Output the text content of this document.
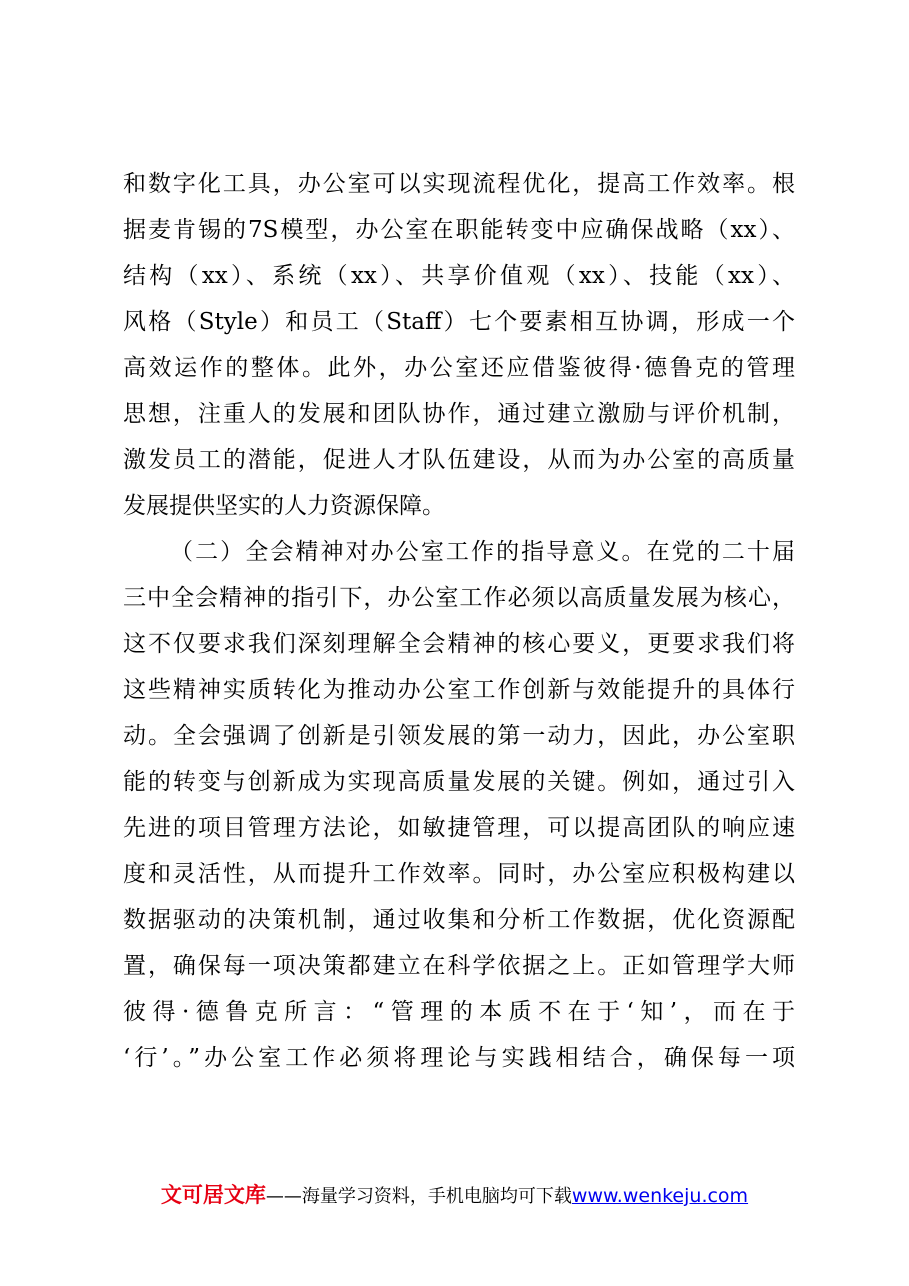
和数字化工具，办公室可以实现流程优化，提高工作效率。根
据麦肯锡的7S模型，办公室在职能转变中应确保战略（xx）、
结构（xx）、系统（xx）、共享价值观（xx）、技能（xx）、
风格（Style）和员工（Staff）七个要素相互协调，形成一个
高效运作的整体。此外，办公室还应借鉴彼得·德鲁克的管理
思想，注重人的发展和团队协作，通过建立激励与评价机制，
激发员工的潜能，促进人才队伍建设，从而为办公室的高质量
发展提供坚实的人力资源保障。
（二）全会精神对办公室工作的指导意义。在党的二十届
三中全会精神的指引下，办公室工作必须以高质量发展为核心，
这不仅要求我们深刻理解全会精神的核心要义，更要求我们将
这些精神实质转化为推动办公室工作创新与效能提升的具体行
动。全会强调了创新是引领发展的第一动力，因此，办公室职
能的转变与创新成为实现高质量发展的关键。例如，通过引入
先进的项目管理方法论，如敏捷管理，可以提高团队的响应速
度和灵活性，从而提升工作效率。同时，办公室应积极构建以
数据驱动的决策机制，通过收集和分析工作数据，优化资源配
置，确保每一项决策都建立在科学依据之上。正如管理学大师
彼得·德鲁克所言：“管理的本质不在于‘知’，而在于
‘行’。”办公室工作必须将理论与实践相结合，确保每一项
文可居文库——海量学习资料，手机电脑均可下载www.wenkeju.com
